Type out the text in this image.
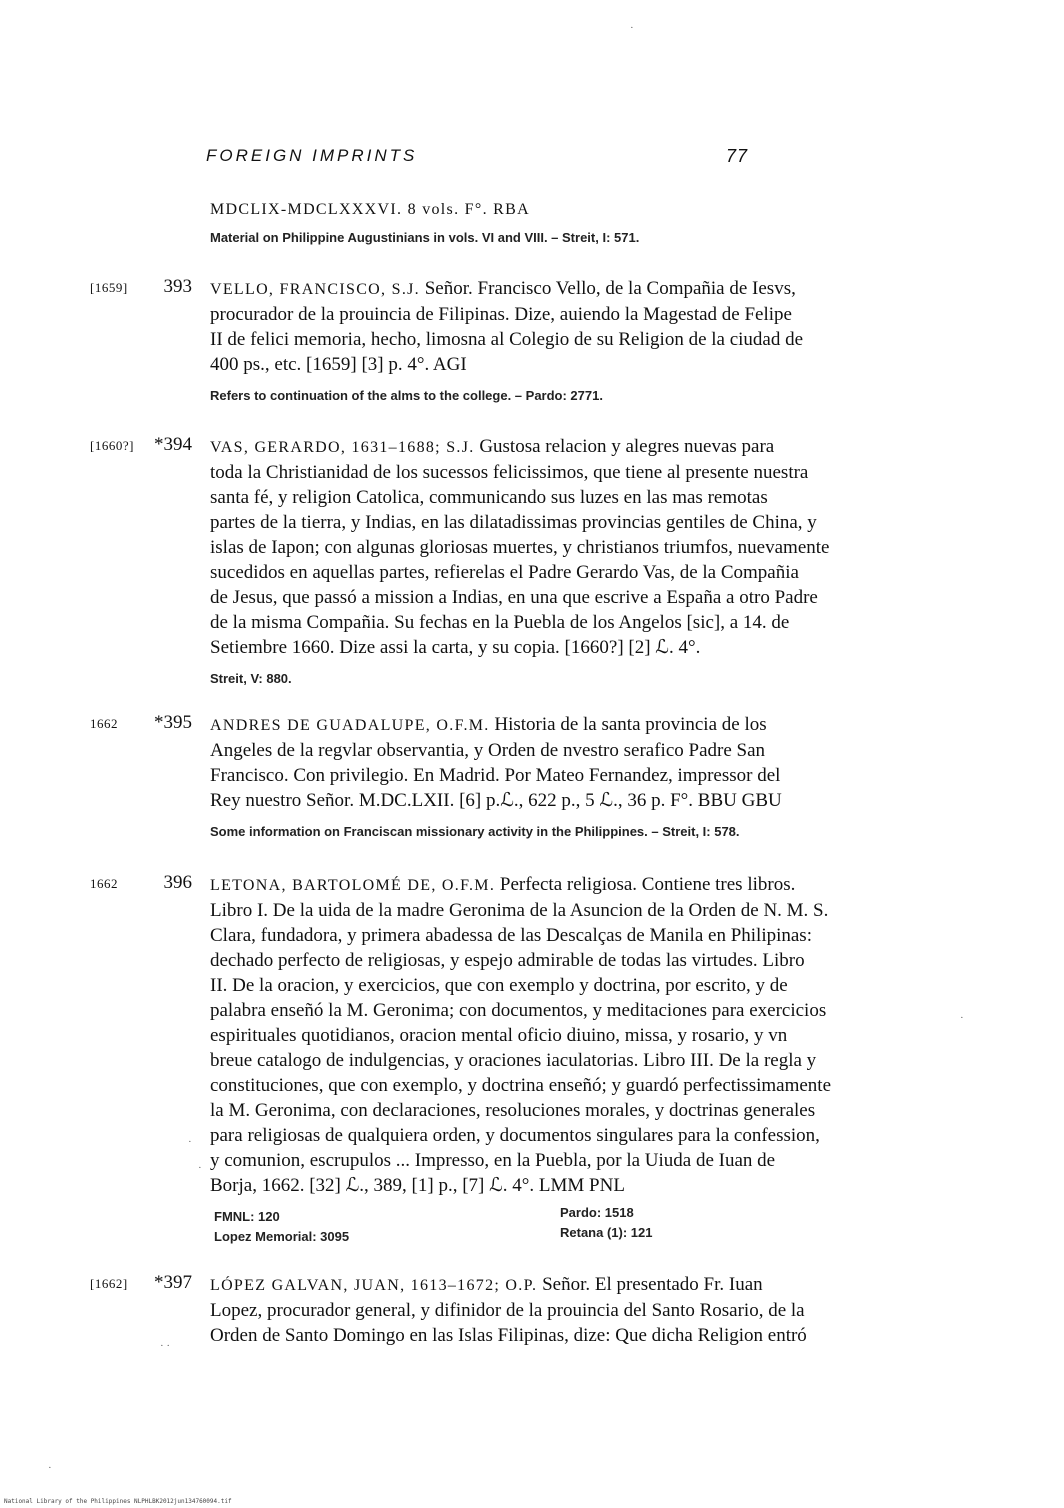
FOREIGN IMPRINTS	77
MDCLIX-MDCLXXXVI. 8 vols. F°. RBA
Material on Philippine Augustinians in vols. VI and VIII. – Streit, I: 571.
[1659]	393 VELLO, FRANCISCO, S.J. Señor. Francisco Vello, de la Compañia de Iesvs,
procurador de la prouincia de Filipinas. Dize, auiendo la Magestad de Felipe
II de felici memoria, hecho, limosna al Colegio de su Religion de la ciudad de
400 ps., etc. [1659] [3] p. 4°. AGI
Refers to continuation of the alms to the college. – Pardo: 2771.
[1660?]	*394 VAS, GERARDO, 1631–1688; S.J. Gustosa relacion y alegres nuevas para
toda la Christianidad de los sucessos felicissimos, que tiene al presente nuestra
santa fé, y religion Catolica, communicando sus luzes en las mas remotas
partes de la tierra, y Indias, en las dilatadissimas provincias gentiles de China, y
islas de Iapon; con algunas gloriosas muertes, y christianos triumfos, nuevamente
sucedidos en aquellas partes, refierelas el Padre Gerardo Vas, de la Compañia
de Jesus, que passó a mission a Indias, en una que escrive a España a otro Padre
de la misma Compañia. Su fechas en la Puebla de los Angelos [sic], a 14. de
Setiembre 1660. Dize assi la carta, y su copia. [1660?] [2] ℒ. 4°.
Streit, V: 880.
1662	*395 ANDRES DE GUADALUPE, O.F.M. Historia de la santa provincia de los
Angeles de la regvlar observantia, y Orden de nvestro serafico Padre San
Francisco. Con privilegio. En Madrid. Por Mateo Fernandez, impressor del
Rey nuestro Señor. M.DC.LXII. [6] p.ℒ., 622 p., 5 ℒ., 36 p. F°. BBU GBU
Some information on Franciscan missionary activity in the Philippines. – Streit, I: 578.
1662	396 LETONA, BARTOLOMÉ DE, O.F.M. Perfecta religiosa. Contiene tres libros.
Libro I. De la uida de la madre Geronima de la Asuncion de la Orden de N. M. S.
Clara, fundadora, y primera abadessa de las Descalças de Manila en Philipinas:
dechado perfecto de religiosas, y espejo admirable de todas las virtudes. Libro
II. De la oracion, y exercicios, que con exemplo y doctrina, por escrito, y de
palabra enseñó la M. Geronima; con documentos, y meditaciones para exercicios
espirituales quotidianos, oracion mental oficio diuino, missa, y rosario, y vn
breue catalogo de indulgencias, y oraciones iaculatorias. Libro III. De la regla y
constituciones, que con exemplo, y doctrina enseñó; y guardó perfectissimamente
la M. Geronima, con declaraciones, resoluciones morales, y doctrinas generales
para religiosas de qualquiera orden, y documentos singulares para la confession,
y comunion, escrupulos ... Impresso, en la Puebla, por la Uiuda de Iuan de
Borja, 1662. [32] ℒ., 389, [1] p., [7] ℒ. 4°. LMM PNL
FMNL: 120	Pardo: 1518
Lopez Memorial: 3095	Retana (1): 121
[1662]	*397 LÓPEZ GALVAN, JUAN, 1613–1672; O.P. Señor. El presentado Fr. Iuan
Lopez, procurador general, y difinidor de la prouincia del Santo Rosario, de la
Orden de Santo Domingo en las Islas Filipinas, dize: Que dicha Religion entró
·
·
·
·
· ·
·
National Library of the Philippines NLPHLBK2012jun134760094.tif
